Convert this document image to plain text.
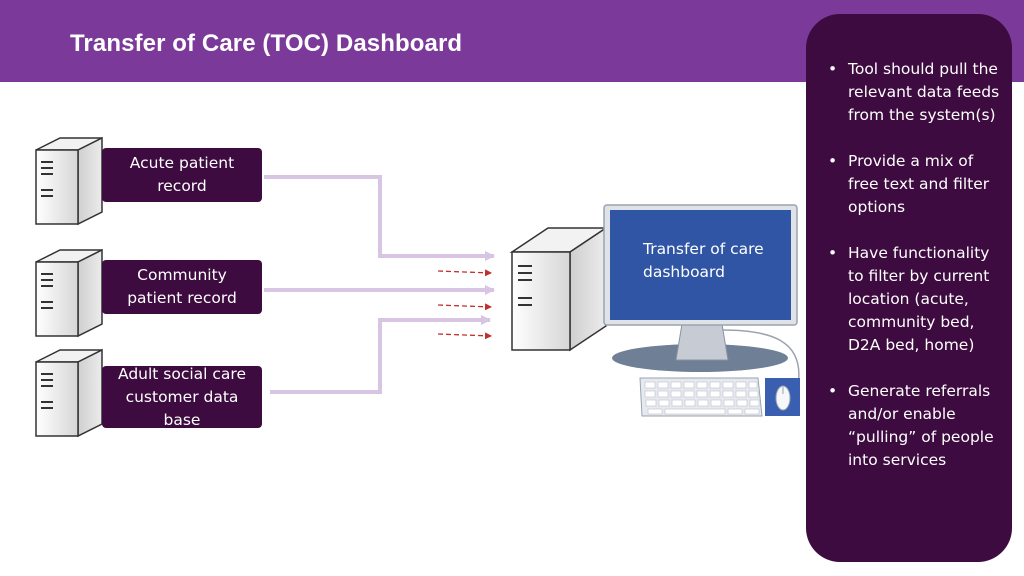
Transfer of Care (TOC) Dashboard
Acute patient record
Community patient record
Adult social care customer data base
Transfer of care dashboard
• Tool should pull the relevant data feeds from the system(s)
• Provide a mix of free text and filter options
• Have functionality to filter by current location (acute, community bed, D2A bed, home)
• Generate referrals and/or enable “pulling” of people into services
